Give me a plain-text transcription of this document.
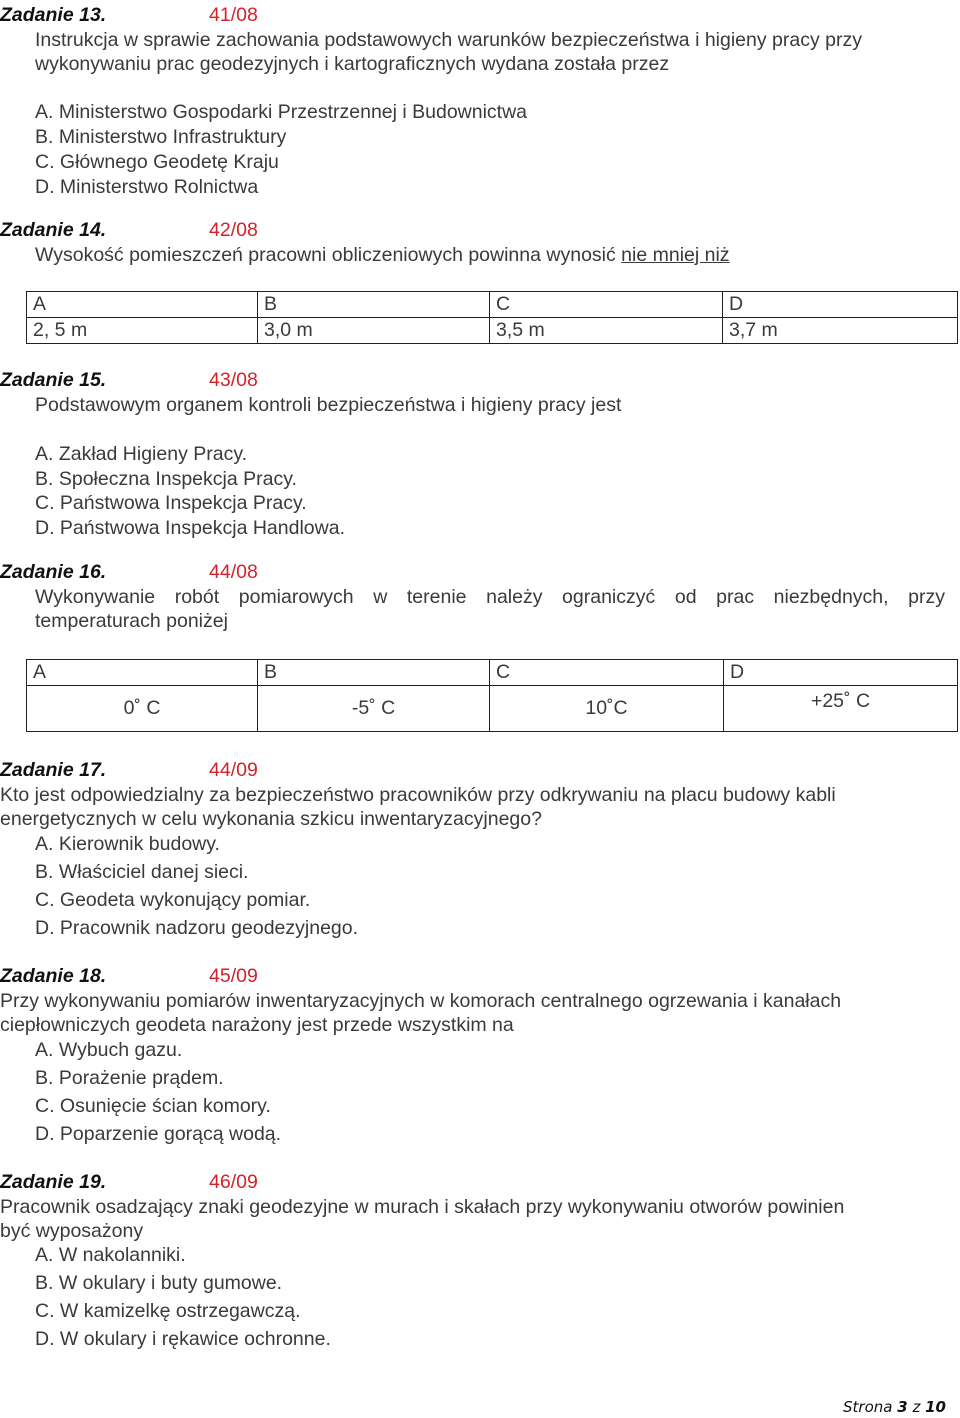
Zadanie 13.	41/08
Instrukcja w sprawie zachowania podstawowych warunków bezpieczeństwa i higieny pracy przy
wykonywaniu prac geodezyjnych i kartograficznych wydana została przez
A. Ministerstwo Gospodarki Przestrzennej i Budownictwa
B. Ministerstwo Infrastruktury
C. Głównego Geodetę Kraju
D. Ministerstwo Rolnictwa
Zadanie 14.	42/08
Wysokość pomieszczeń pracowni obliczeniowych powinna wynosić nie mniej niż
A	B	C	D
2, 5 m	3,0 m	3,5 m	3,7 m
Zadanie 15.	43/08
Podstawowym organem kontroli bezpieczeństwa i higieny pracy jest
A. Zakład Higieny Pracy.
B. Społeczna Inspekcja Pracy.
C. Państwowa Inspekcja Pracy.
D. Państwowa Inspekcja Handlowa.
Zadanie 16.	44/08
Wykonywanie robót pomiarowych w terenie należy ograniczyć od prac niezbędnych, przy
temperaturach poniżej
A	B	C	D
0˚ C	-5˚ C	10˚C	+25˚ C
Zadanie 17.	44/09
Kto jest odpowiedzialny za bezpieczeństwo pracowników przy odkrywaniu na placu budowy kabli
energetycznych w celu wykonania szkicu inwentaryzacyjnego?
A. Kierownik budowy.
B. Właściciel danej sieci.
C. Geodeta wykonujący pomiar.
D. Pracownik nadzoru geodezyjnego.
Zadanie 18.	45/09
Przy wykonywaniu pomiarów inwentaryzacyjnych w komorach centralnego ogrzewania i kanałach
ciepłowniczych geodeta narażony jest przede wszystkim na
A. Wybuch gazu.
B. Porażenie prądem.
C. Osunięcie ścian komory.
D. Poparzenie gorącą wodą.
Zadanie 19.	46/09
Pracownik osadzający znaki geodezyjne w murach i skałach przy wykonywaniu otworów powinien
być wyposażony
A. W nakolanniki.
B. W okulary i buty gumowe.
C. W kamizelkę ostrzegawczą.
D. W okulary i rękawice ochronne.
Strona 3 z 10
